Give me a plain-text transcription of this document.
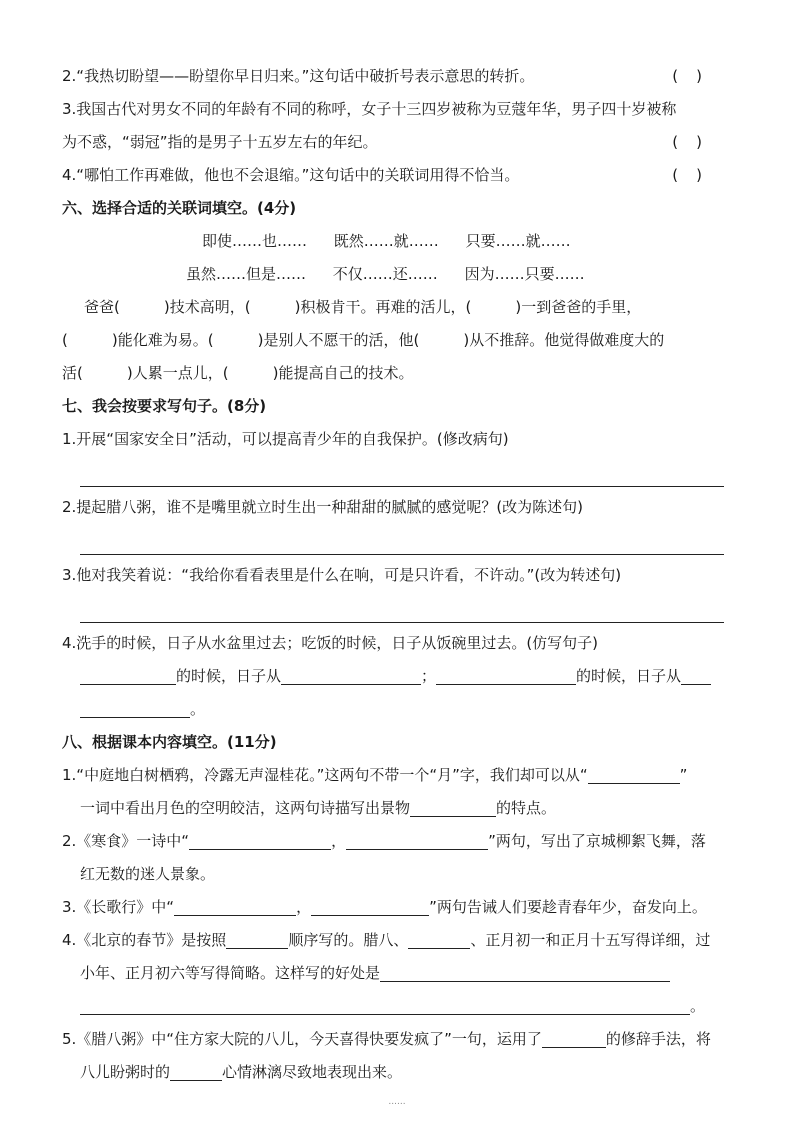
2.“我热切盼望——盼望你早日归来。”这句话中破折号表示意思的转折。	()
3.我国古代对男女不同的年龄有不同的称呼，女子十三四岁被称为豆蔻年华，男子四十岁被称
为不惑，“弱冠”指的是男子十五岁左右的年纪。	()
4.“哪怕工作再难做，他也不会退缩。”这句话中的关联词用得不恰当。	()
六、选择合适的关联词填空。(4分)
即使……也…… 既然……就…… 只要……就……
虽然……但是…… 不仅……还…… 因为……只要……
爸爸(	)技术高明，(	)积极肯干。再难的活儿，(	)一到爸爸的手里，
(	)能化难为易。(	)是别人不愿干的活，他(	)从不推辞。他觉得做难度大的
活(	)人累一点儿，(	)能提高自己的技术。
七、我会按要求写句子。(8分)
1.开展“国家安全日”活动，可以提高青少年的自我保护。(修改病句)
2.提起腊八粥，谁不是嘴里就立时生出一种甜甜的腻腻的感觉呢？(改为陈述句)
3.他对我笑着说：“我给你看看表里是什么在响，可是只许看，不许动。”(改为转述句)
4.洗手的时候，日子从水盆里过去；吃饭的时候，日子从饭碗里过去。(仿写句子)
的时候，日子从	；	的时候，日子从
。
八、根据课本内容填空。(11分)
1.“中庭地白树栖鸦，冷露无声湿桂花。”这两句不带一个“月”字，我们却可以从“	”
一词中看出月色的空明皎洁，这两句诗描写出景物	的特点。
2.《寒食》一诗中“	，	”两句，写出了京城柳絮飞舞，落
红无数的迷人景象。
3.《长歌行》中“	，	”两句告诫人们要趁青春年少，奋发向上。
4.《北京的春节》是按照	顺序写的。腊八、	、正月初一和正月十五写得详细，过
小年、正月初六等写得简略。这样写的好处是
。
5.《腊八粥》中“住方家大院的八儿，今天喜得快要发疯了”一句，运用了	的修辞手法，将
八儿盼粥时的	心情淋漓尽致地表现出来。
......
